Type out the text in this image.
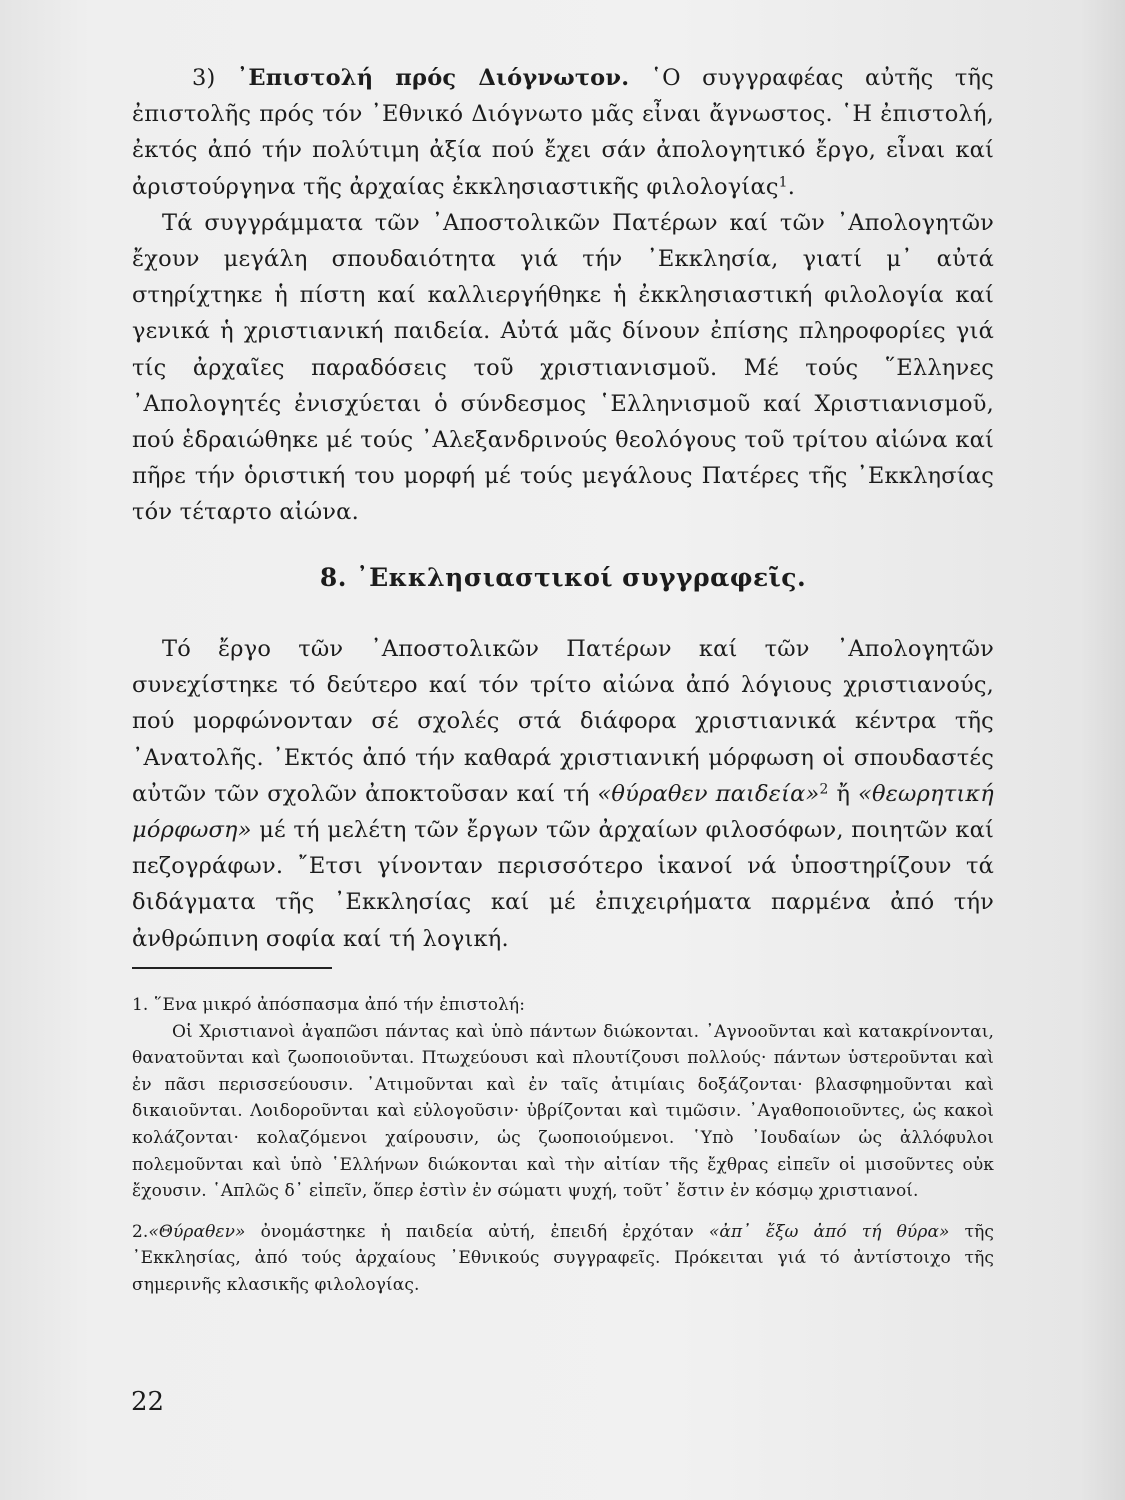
3) ᾿Επιστολή πρός Διόγνωτον. ῾Ο συγγραφέας αὐτῆς τῆς ἐπιστολῆς πρός τόν ᾿Εθνικό Διόγνωτο μᾶς εἶναι ἄγνωστος. ῾Η ἐπιστολή, ἐκτός ἀπό τήν πολύτιμη ἀξία πού ἔχει σάν ἀπολογητικό ἔργο, εἶναι καί ἀριστούργηνα τῆς ἀρχαίας ἐκκλησιαστικῆς φιλολογίας$^1$.

Τά συγγράμματα τῶν ᾿Αποστολικῶν Πατέρων καί τῶν ᾿Απολογητῶν ἔχουν μεγάλη σπουδαιότητα γιά τήν ᾿Εκκλησία, γιατί μ᾿ αὐτά στηρίχτηκε ἡ πίστη καί καλλιεργήθηκε ἡ ἐκκλησιαστική φιλολογία καί γενικά ἡ χριστιανική παιδεία. Αὐτά μᾶς δίνουν ἐπίσης πληροφορίες γιά τίς ἀρχαῖες παραδόσεις τοῦ χριστιανισμοῦ. Μέ τούς ῞Ελληνες ᾿Απολογητές ἐνισχύεται ὁ σύνδεσμος ῾Ελληνισμοῦ καί Χριστιανισμοῦ, πού ἑδραιώθηκε μέ τούς ᾿Αλεξανδρινούς θεολόγους τοῦ τρίτου αἰώνα καί πῆρε τήν ὁριστική του μορφή μέ τούς μεγάλους Πατέρες τῆς ᾿Εκκλησίας τόν τέταρτο αἰώνα.

8. ᾿Εκκλησιαστικοί συγγραφεῖς.

Τό ἔργο τῶν ᾿Αποστολικῶν Πατέρων καί τῶν ᾿Απολογητῶν συνεχίστηκε τό δεύτερο καί τόν τρίτο αἰώνα ἀπό λόγιους χριστιανούς, πού μορφώνονταν σέ σχολές στά διάφορα χριστιανικά κέντρα τῆς ᾿Ανατολῆς. ᾿Εκτός ἀπό τήν καθαρά χριστιανική μόρφωση οἱ σπουδαστές αὐτῶν τῶν σχολῶν ἀποκτοῦσαν καί τή «θύραθεν παιδεία»$^2$ ἤ «θεωρητική μόρφωση» μέ τή μελέτη τῶν ἔργων τῶν ἀρχαίων φιλοσόφων, ποιητῶν καί πεζογράφων. ῎Ετσι γίνονταν περισσότερο ἱκανοί νά ὑποστηρίζουν τά διδάγματα τῆς ᾿Εκκλησίας καί μέ ἐπιχειρήματα παρμένα ἀπό τήν ἀνθρώπινη σοφία καί τή λογική.

1. ῞Ενα μικρό ἀπόσπασμα ἀπό τήν ἐπιστολή:

Οἱ Χριστιανοὶ ἀγαπῶσι πάντας καὶ ὑπὸ πάντων διώκονται. ᾿Αγνοοῦνται καὶ κατακρίνονται, θανατοῦνται καὶ ζωοποιοῦνται. Πτωχεύουσι καὶ πλουτίζουσι πολλούς· πάντων ὑστεροῦνται καὶ ἐν πᾶσι περισσεύουσιν. ᾿Ατιμοῦνται καὶ ἐν ταῖς ἀτιμίαις δοξάζονται· βλασφημοῦνται καὶ δικαιοῦνται. Λοιδοροῦνται καὶ εὐλογοῦσιν· ὑβρίζονται καὶ τιμῶσιν. ᾿Αγαθοποιοῦντες, ὡς κακοὶ κολάζονται· κολαζόμενοι χαίρουσιν, ὡς ζωοποιούμενοι. ῾Υπὸ ᾿Ιουδαίων ὡς ἀλλόφυλοι πολεμοῦνται καὶ ὑπὸ ῾Ελλήνων διώκονται καὶ τὴν αἰτίαν τῆς ἔχθρας εἰπεῖν οἱ μισοῦντες οὐκ ἔχουσιν. ῾Απλῶς δ᾿ εἰπεῖν, ὅπερ ἐστὶν ἐν σώματι ψυχή, τοῦτ᾿ ἔστιν ἐν κόσμῳ χριστιανοί.

2.«Θύραθεν» ὀνομάστηκε ἡ παιδεία αὐτή, ἐπειδή ἐρχόταν «ἀπ᾿ ἔξω ἀπό τή θύρα» τῆς ᾿Εκκλησίας, ἀπό τούς ἀρχαίους ᾿Εθνικούς συγγραφεῖς. Πρόκειται γιά τό ἀντίστοιχο τῆς σημερινῆς κλασικῆς φιλολογίας.

22
